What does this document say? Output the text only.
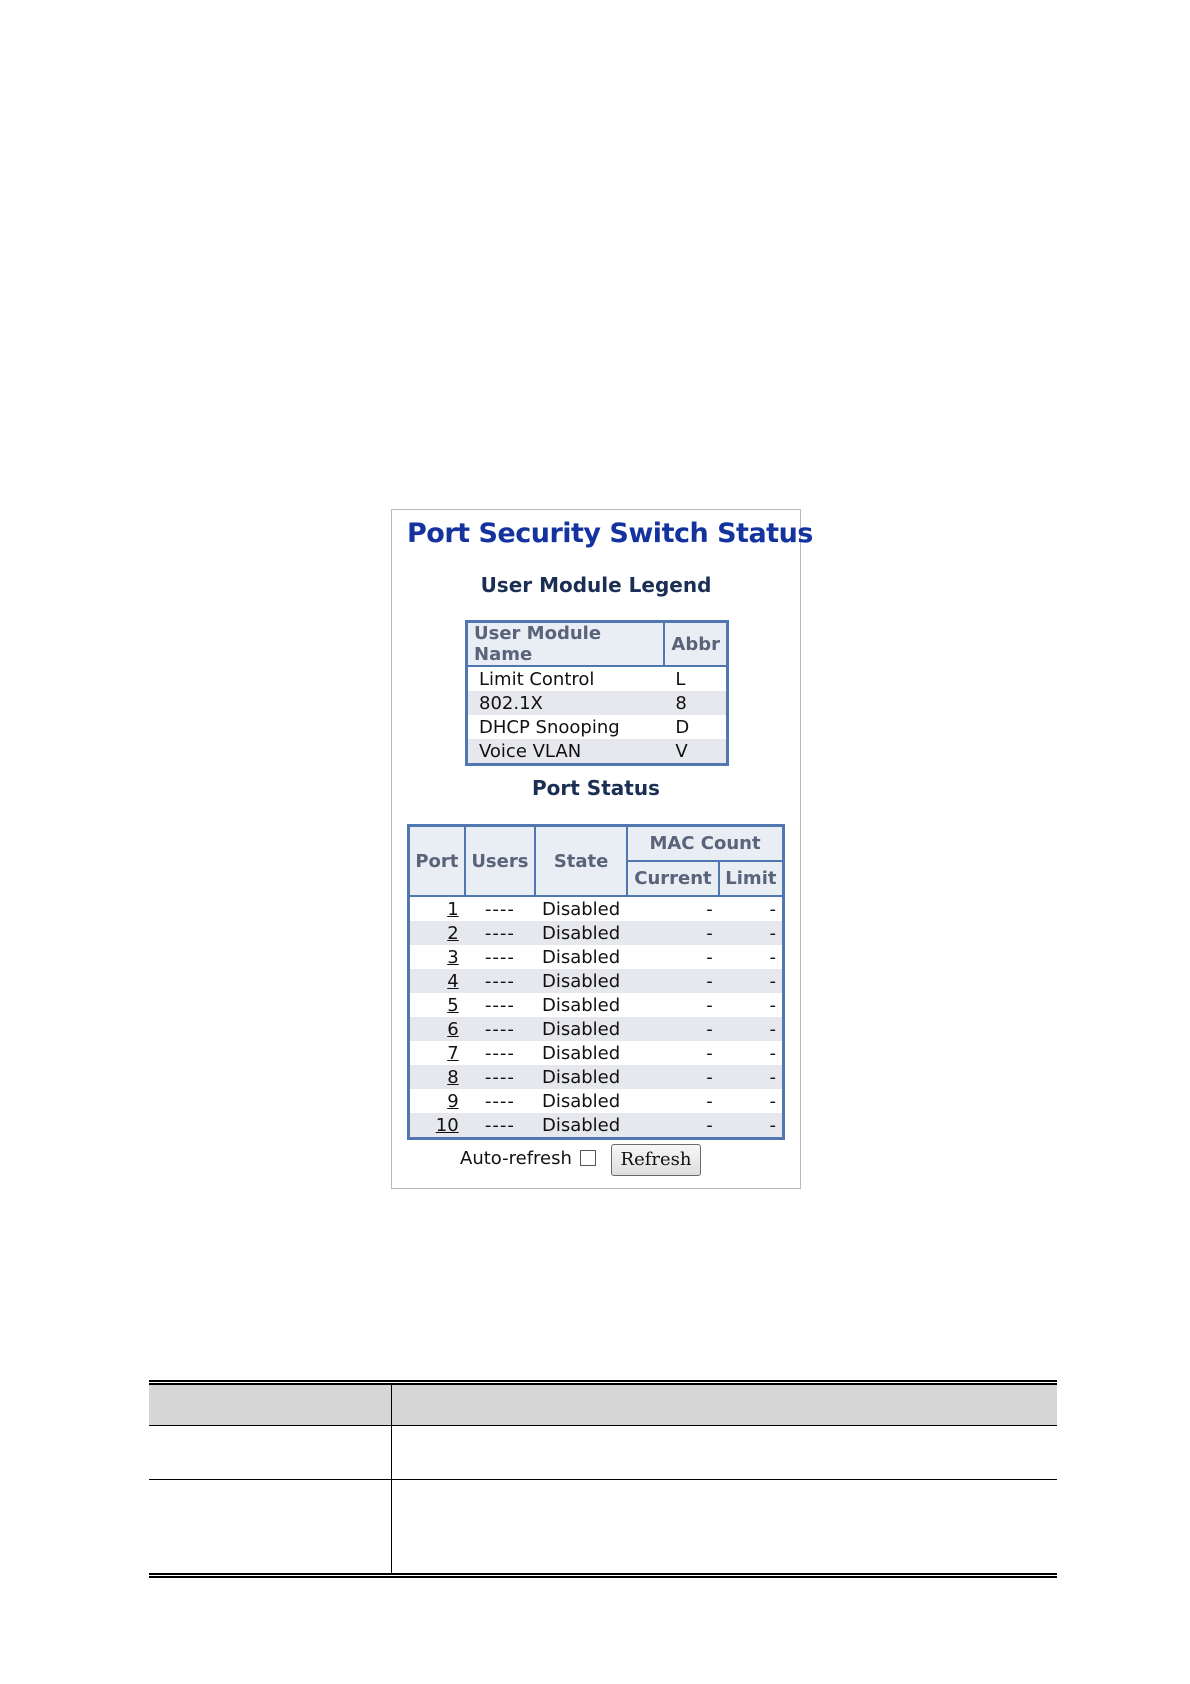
Port Security Switch Status
User Module Legend
User Module Name	Abbr
Limit Control	L
802.1X	8
DHCP Snooping	D
Voice VLAN	V
Port Status
Port	Users	State	MAC Count	
			Current	Limit
1	----	Disabled	-	-
2	----	Disabled	-	-
3	----	Disabled	-	-
4	----	Disabled	-	-
5	----	Disabled	-	-
6	----	Disabled	-	-
7	----	Disabled	-	-
8	----	Disabled	-	-
9	----	Disabled	-	-
10	----	Disabled	-	-
Auto-refresh	Refresh
